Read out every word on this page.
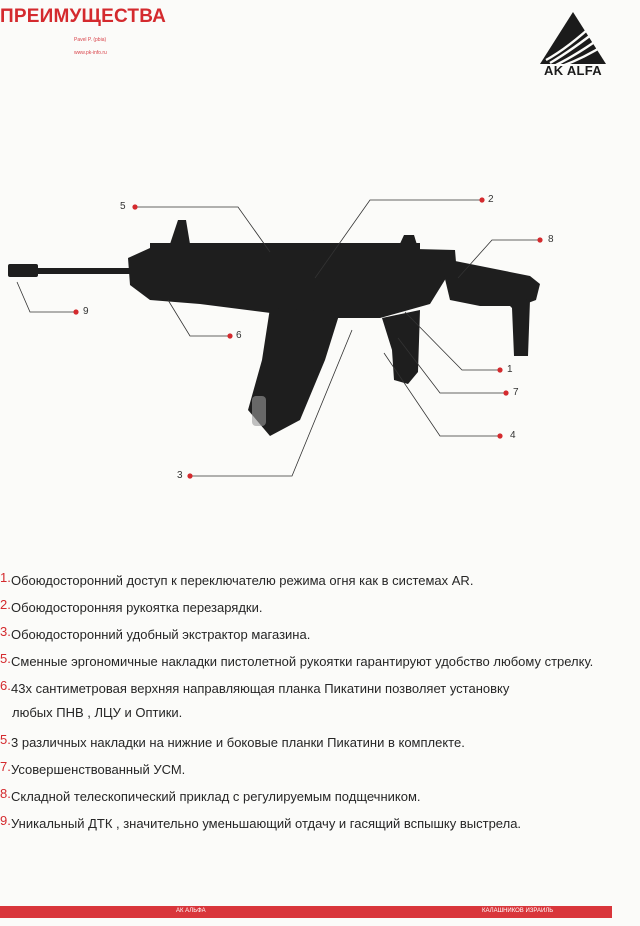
ПРЕИМУЩЕСТВА
Pavel P. (pbia)
www.pk-info.ru
AK ALFA
5
2
8
9
6
1
7
4
3
1.Обоюдосторонний доступ к переключателю режима огня как в системах AR.
2.Обоюдосторонняя рукоятка перезарядки.
3.Обоюдосторонний удобный экстрактор магазина.
5.Сменные эргономичные накладки пистолетной рукоятки гарантируют удобство любому стрелку.
6.43х сантиметровая верхняя направляющая планка Пикатини позволяет установку
любых ПНВ , ЛЦУ и Оптики.
5.3 различных накладки на нижние и боковые планки Пикатини в комплекте.
7.Усовершенствованный УСМ.
8.Складной телескопический приклад с регулируемым подщечником.
9.Уникальный ДТК , значительно уменьшающий отдачу и гасящий вспышку выстрела.
АК АЛЬФА	КАЛАШНИКОВ ИЗРАИЛЬ
